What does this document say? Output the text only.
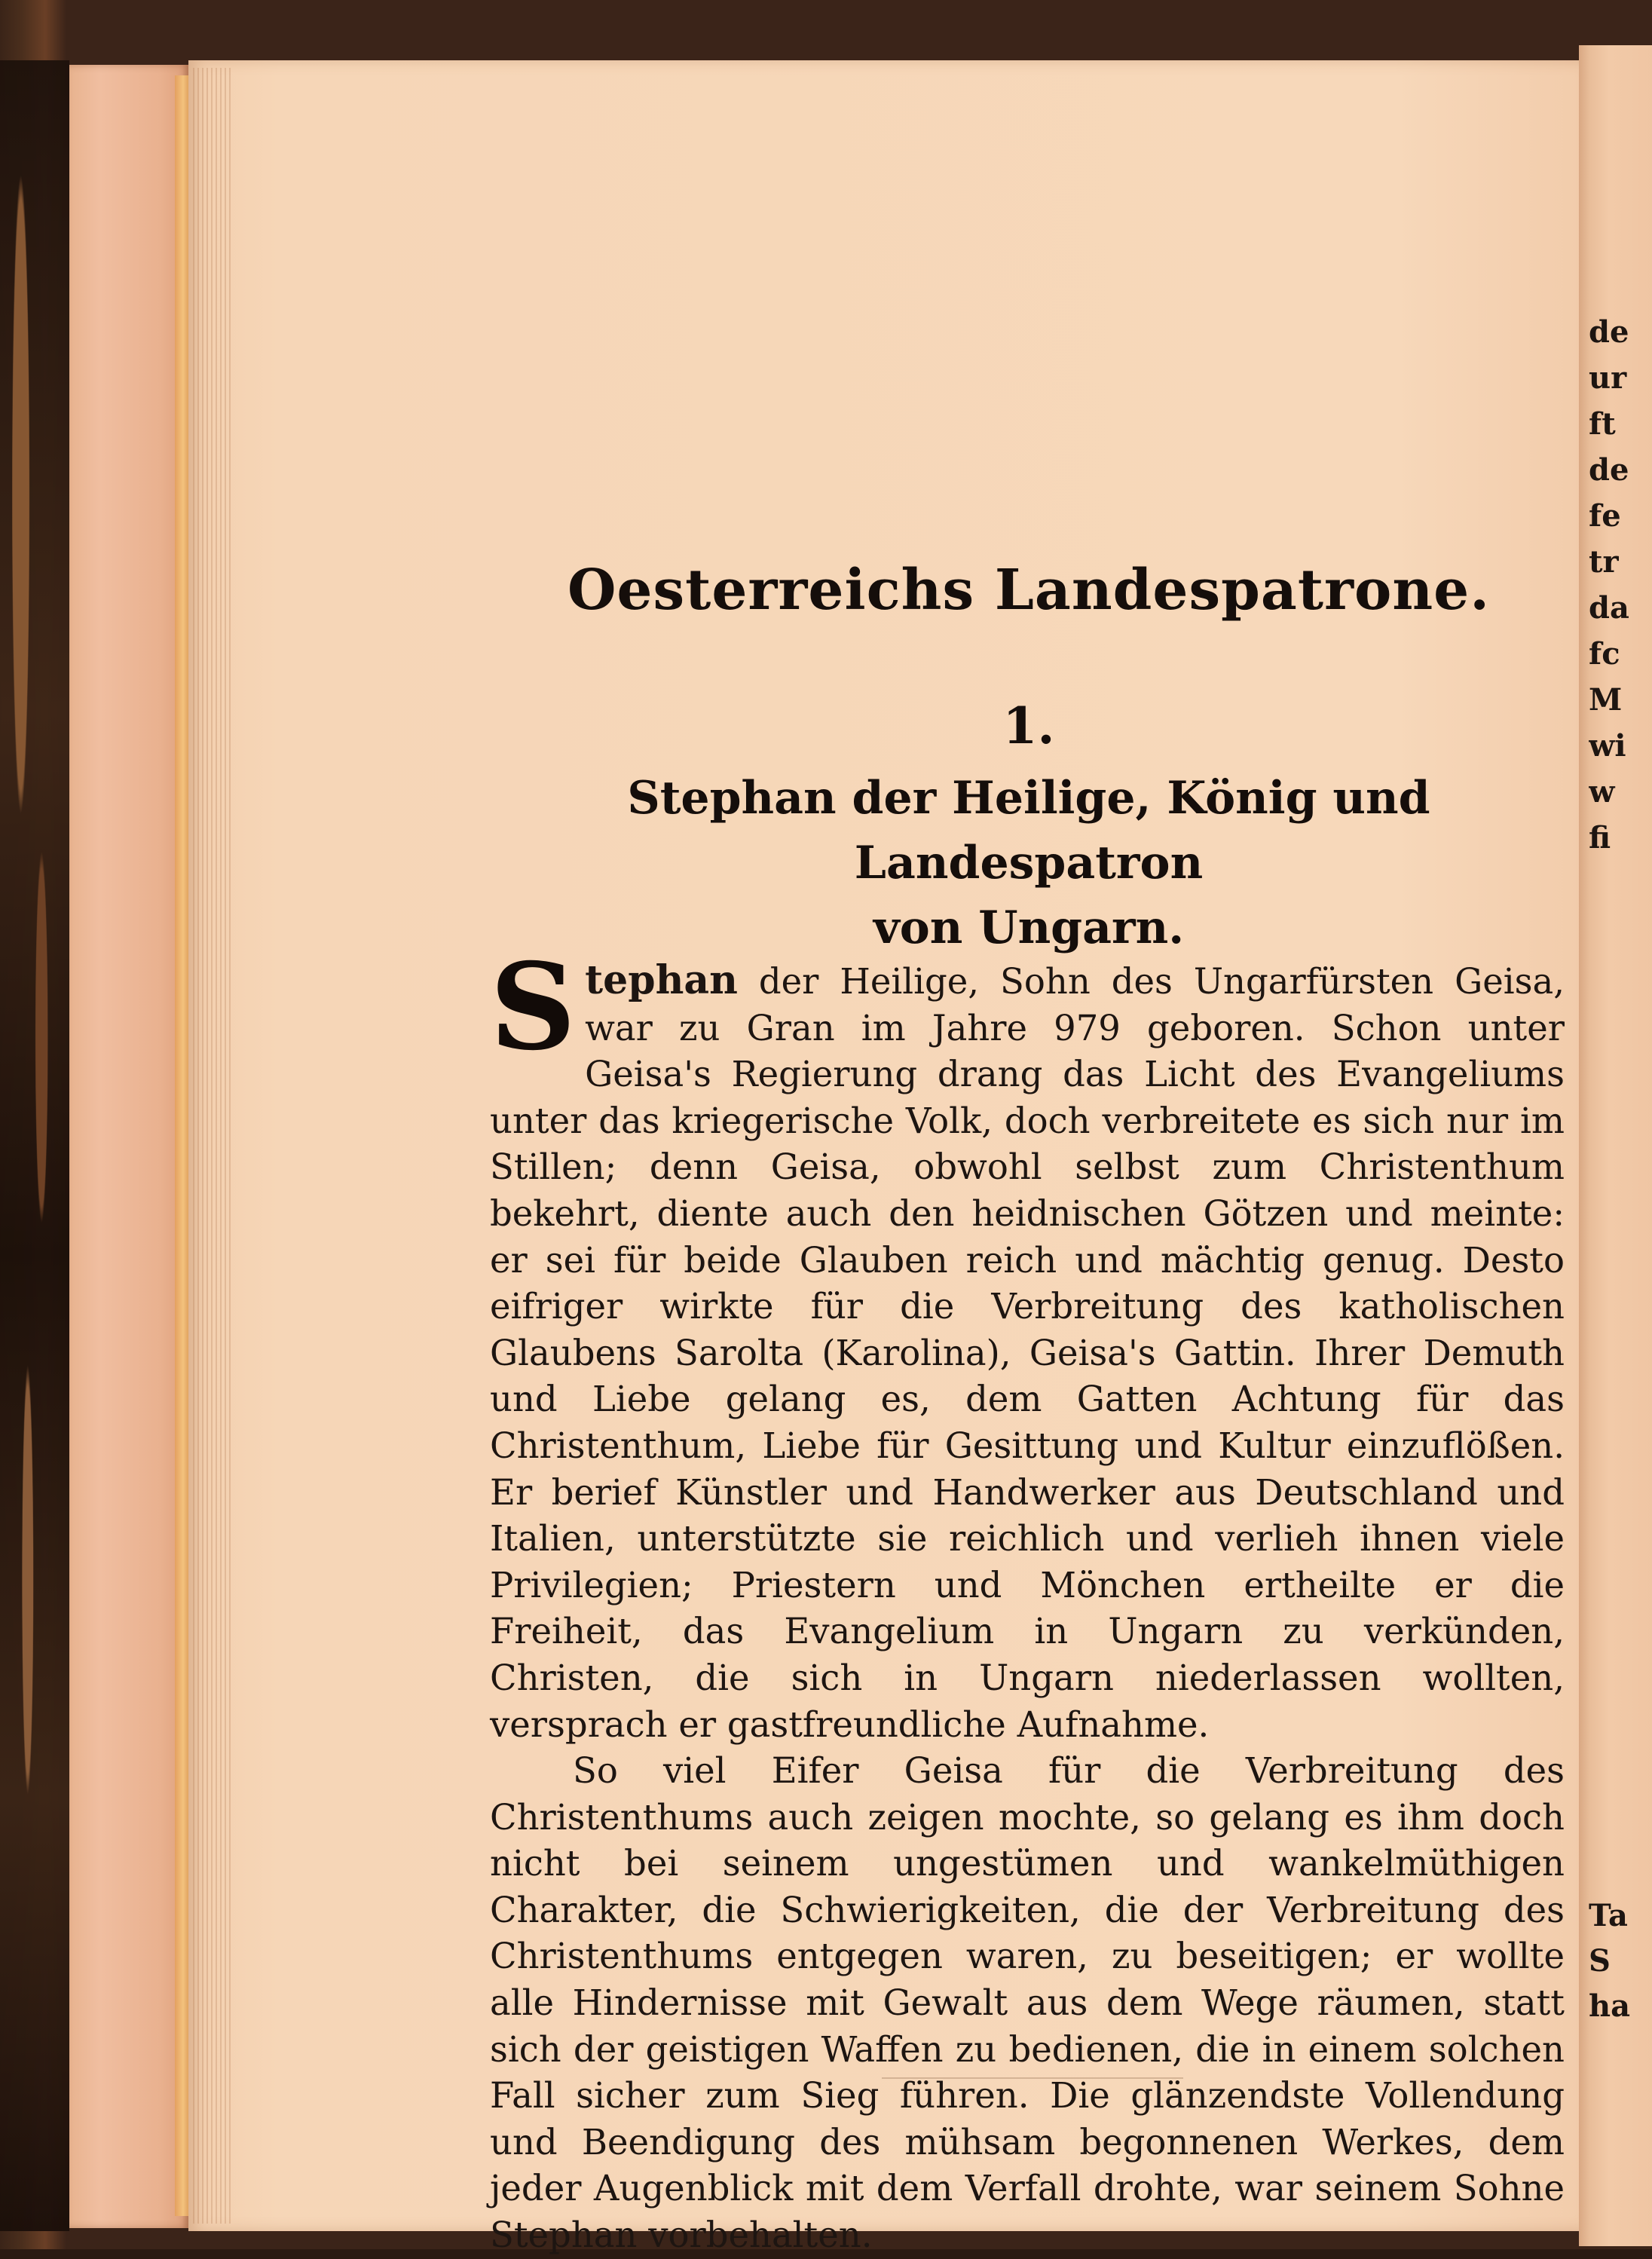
Oesterreichs Landespatrone.
1.
Stephan der Heilige, König und Landespatron
von Ungarn.

Stephan der Heilige, Sohn des Ungarfürsten Geisa, war zu Gran im Jahre 979 geboren. Schon unter Geisa's Regierung drang das Licht des Evangeliums unter das kriegerische Volk, doch verbreitete es sich nur im Stillen; denn Geisa, obwohl selbst zum Christenthum bekehrt, diente auch den heidnischen Götzen und meinte: er sei für beide Glauben reich und mächtig genug. Desto eifriger wirkte für die Verbreitung des katholischen Glaubens Sarolta (Karolina), Geisa's Gattin. Ihrer Demuth und Liebe gelang es, dem Gatten Achtung für das Christenthum, Liebe für Gesittung und Kultur einzuflößen. Er berief Künstler und Handwerker aus Deutschland und Italien, unterstützte sie reichlich und verlieh ihnen viele Privilegien; Priestern und Mönchen ertheilte er die Freiheit, das Evangelium in Ungarn zu verkünden, Christen, die sich in Ungarn niederlassen wollten, versprach er gastfreundliche Aufnahme.

So viel Eifer Geisa für die Verbreitung des Christenthums auch zeigen mochte, so gelang es ihm doch nicht bei seinem ungestümen und wankelmüthigen Charakter, die Schwierigkeiten, die der Verbreitung des Christenthums entgegen waren, zu beseitigen; er wollte alle Hindernisse mit Gewalt aus dem Wege räumen, statt sich der geistigen Waffen zu bedienen, die in einem solchen Fall sicher zum Sieg führen. Die glänzendste Vollendung und Beendigung des mühsam begonnenen Werkes, dem jeder Augenblick mit dem Verfall drohte, war seinem Sohne Stephan vorbehalten.

de
ur
ft
de
fe
tr
da
fc
M
wi
w
fi
Ta
S
ha
